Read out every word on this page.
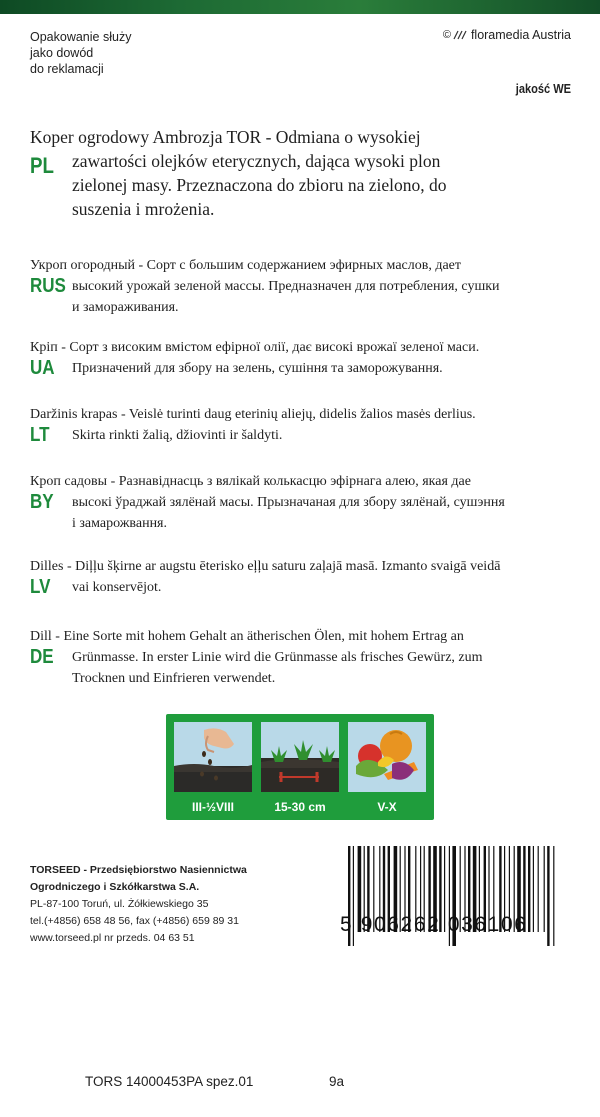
Opakowanie służy
jako dowód
do reklamacji
© floramedia Austria
jakość WE
PL
Koper ogrodowy Ambrozja TOR - Odmiana o wysokiej
zawartości olejków eterycznych, dająca wysoki plon
zielonej masy. Przeznaczona do zbioru na zielono, do
suszenia i mrożenia.
RUS
Укроп огородный - Сорт с большим содержанием эфирных маслов, дает
высокий урожай зеленой массы. Предназначен для потребления, сушки
и замораживания.
UA
Кріп - Сорт з високим вмістом ефірної олії, дає високі врожаї зеленої маси.
Призначений для збору на зелень, сушіння та заморожування.
LT
Daržinis krapas - Veislė turinti daug eterinių aliejų, didelis žalios masės derlius.
Skirta rinkti žalią, džiovinti ir šaldyti.
BY
Кроп садовы - Разнавіднасць з вялікай колькасцю эфірнага алею, якая дае
высокі ўраджай зялёнай масы. Прызначаная для збору зялёнай, сушэння
і замарожвання.
LV
Dilles - Diļļu šķirne ar augstu ēterisko eļļu saturu zaļajā masā. Izmanto svaigā veidā
vai konservējot.
DE
Dill - Eine Sorte mit hohem Gehalt an ätherischen Ölen, mit hohem Ertrag an
Grünmasse. In erster Linie wird die Grünmasse als frisches Gewürz, zum
Trocknen und Einfrieren verwendet.
III-½VIII	15-30 cm	V-X
TORSEED - Przedsiębiorstwo Nasiennictwa
Ogrodniczego i Szkółkarstwa S.A.
PL-87-100 Toruń, ul. Żółkiewskiego 35
tel.(+4856) 658 48 56, fax (+4856) 659 89 31
www.torseed.pl nr przeds. 04 63 51
5 906262 036106
TORS 14000453PA spez.01	9a
